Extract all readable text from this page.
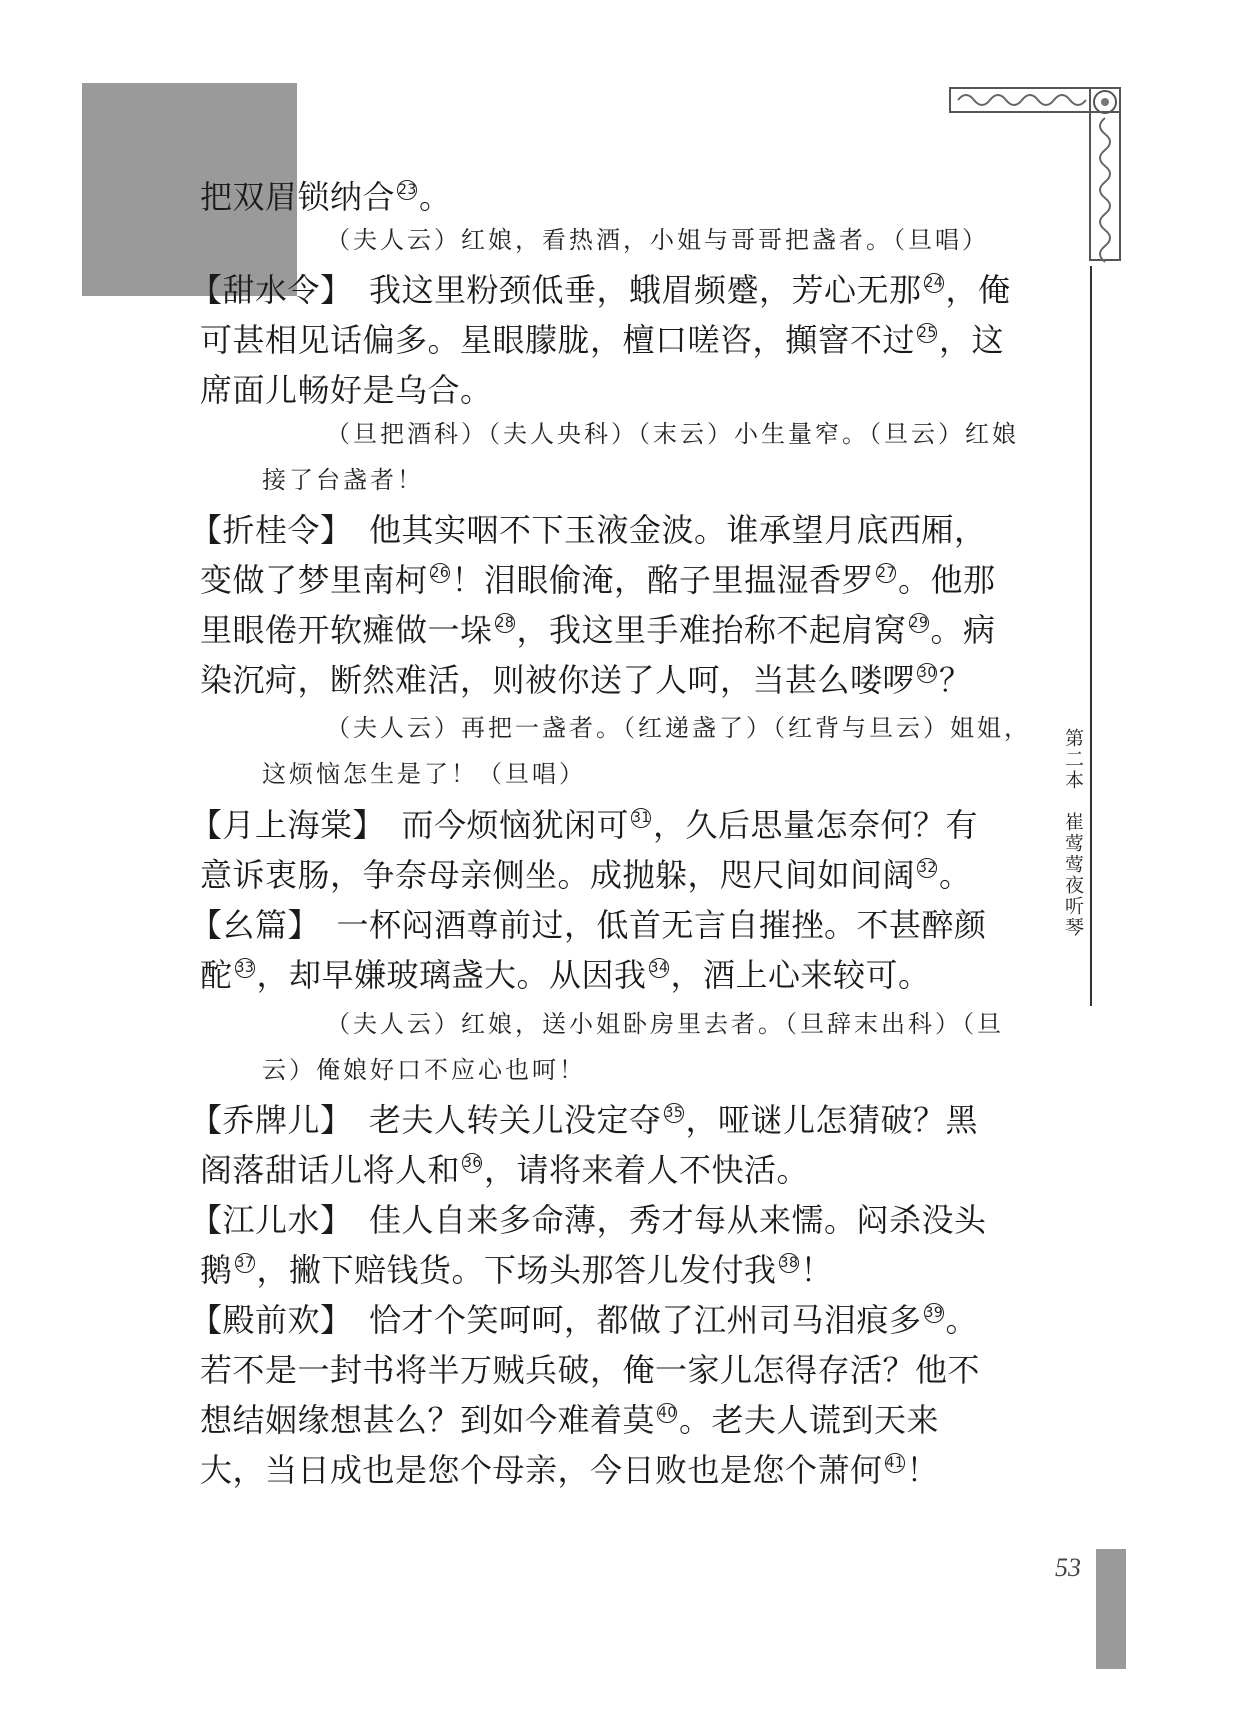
第二本　崔莺莺夜听琴
53
把双眉锁纳合 23。
（夫人云）红娘，看热酒，小姐与哥哥把盏者。（旦唱）
【甜水令】　我这里粉颈低垂，蛾眉频蹙，芳心无那 24，俺
可甚相见话偏多。星眼朦胧，檀口嗟咨，攧窨不过 25，这
席面儿畅好是乌合。
（旦把酒科）（夫人央科）（末云）小生量窄。（旦云）红娘
接了台盏者！
【折桂令】　他其实咽不下玉液金波。谁承望月底西厢，
变做了梦里南柯 26！泪眼偷淹，酩子里揾湿香罗 27。他那
里眼倦开软瘫做一垛 28，我这里手难抬称不起肩窝 29。病
染沉疴，断然难活，则被你送了人呵，当甚么喽啰 30？
（夫人云）再把一盏者。（红递盏了）（红背与旦云）姐姐，
这烦恼怎生是了！（旦唱）
【月上海棠】　而今烦恼犹闲可 31，久后思量怎奈何？有
意诉衷肠，争奈母亲侧坐。成抛躲，咫尺间如间阔 32。
【幺篇】　一杯闷酒尊前过，低首无言自摧挫。不甚醉颜
酡 33，却早嫌玻璃盏大。从因我 34，酒上心来较可。
（夫人云）红娘，送小姐卧房里去者。（旦辞末出科）（旦
云）俺娘好口不应心也呵！
【乔牌儿】　老夫人转关儿没定夺 35，哑谜儿怎猜破？黑
阁落甜话儿将人和 36，请将来着人不快活。
【江儿水】　佳人自来多命薄，秀才每从来懦。闷杀没头
鹅 37，撇下赔钱货。下场头那答儿发付我 38！
【殿前欢】　恰才个笑呵呵，都做了江州司马泪痕多 39。
若不是一封书将半万贼兵破，俺一家儿怎得存活？他不
想结姻缘想甚么？到如今难着莫 40。老夫人谎到天来
大，当日成也是您个母亲，今日败也是您个萧何 41！
